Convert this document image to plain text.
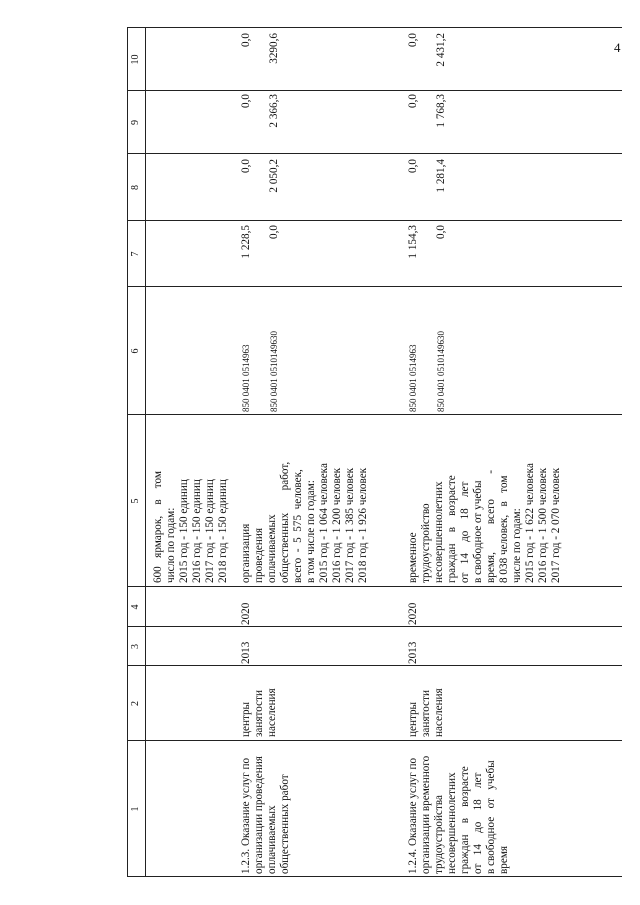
4
1
2
3
4
5
6
7
8
9
10
600   ярмарок,    в    том
число по годам:
2015 год - 150 единиц
2016 год - 150 единиц
2017 год - 150 единиц
2018 год - 150 единиц
1.2.3. Оказание услуг по
организации проведения
оплачиваемых
общественных работ
центры
занятости
населения
2013
2020
организация
проведения
оплачиваемых
общественных        работ,
всего  -  5  575  человек,
в том числе по годам:
2015 год - 1 064 человека
2016 год - 1 200 человек
2017 год - 1 385 человек
2018 год - 1 926 человек
850 0401 0514963 850 0401 0510149630
1 228,5 0,0
0,0 2 050,2
0,0 2 366,3
0,0 3290,6
1.2.4. Оказание услуг по
организации временного
трудоустройства
несовершеннолетних
граждан    в    возрасте
от   14    до    18    лет
в свободное   от   учебы
время
центры
занятости
населения
2013
2020
временное
трудоустройство
несовершеннолетних
граждан    в    возрасте
от   14    до    18    лет
в свободное от учебы
время,          всего         -
8 038 человек,   в   том
числе по годам:
2015 год - 1 622 человека
2016 год - 1 500 человек
2017 год - 2 070 человек
850 0401 0514963 850 0401 0510149630
1 154,3 0,0
0,0 1 281,4
0,0 1 768,3
0,0 2 431,2
